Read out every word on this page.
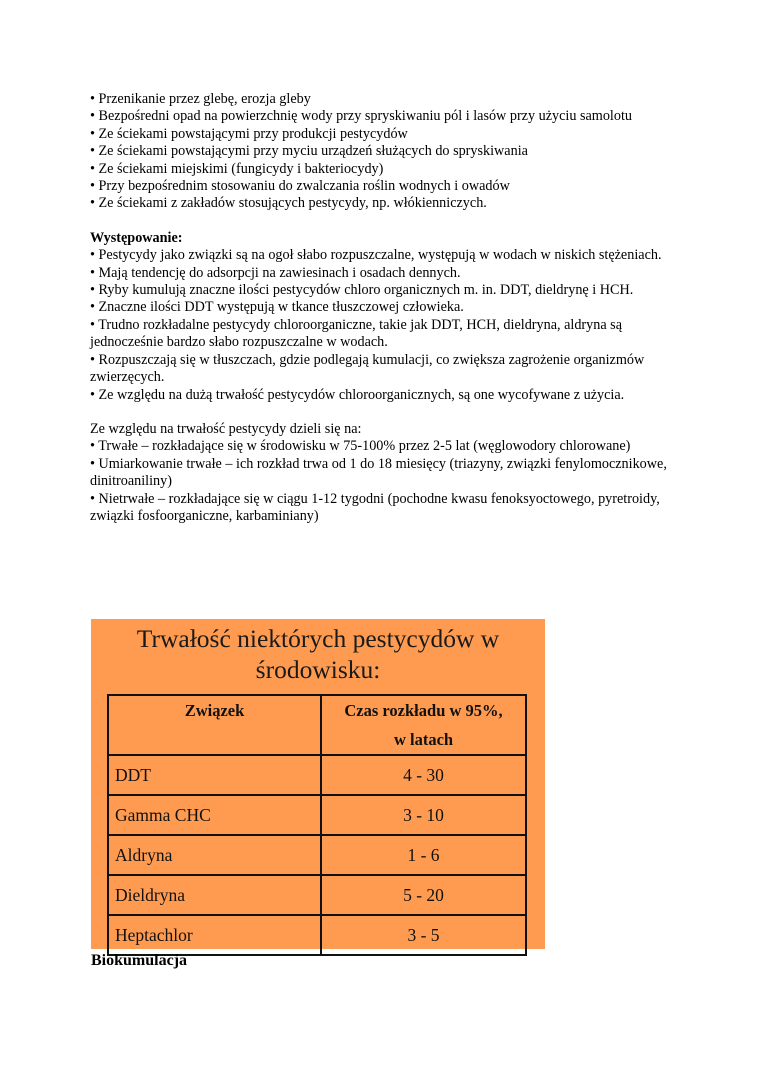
• Przenikanie przez glebę, erozja gleby

• Bezpośredni opad na powierzchnię wody przy spryskiwaniu pól i lasów przy użyciu samolotu

• Ze ściekami powstającymi przy produkcji pestycydów

• Ze ściekami powstającymi przy myciu urządzeń służących do spryskiwania

• Ze ściekami miejskimi (fungicydy i bakteriocydy)

• Przy bezpośrednim stosowaniu do zwalczania roślin wodnych i owadów

• Ze ściekami z zakładów stosujących pestycydy, np. włókienniczych.

Występowanie:

• Pestycydy jako związki są na ogoł słabo rozpuszczalne, występują w wodach w niskich stężeniach.

• Mają tendencję do adsorpcji na zawiesinach i osadach dennych.

• Ryby kumulują znaczne ilości pestycydów chloro organicznych m. in. DDT, dieldrynę i HCH.

• Znaczne ilości DDT występują w tkance tłuszczowej człowieka.

• Trudno rozkładalne pestycydy chloroorganiczne, takie jak DDT, HCH, dieldryna, aldryna są jednocześnie bardzo słabo rozpuszczalne w wodach.

• Rozpuszczają się w tłuszczach, gdzie podlegają kumulacji, co zwiększa zagrożenie organizmów zwierzęcych.

• Ze względu na dużą trwałość pestycydów chloroorganicznych, są one wycofywane z użycia.

Ze względu na trwałość pestycydy dzieli się na:

• Trwałe – rozkładające się w środowisku w 75-100% przez 2-5 lat (węglowodory chlorowane)

• Umiarkowanie trwałe – ich rozkład trwa od 1 do 18 miesięcy (triazyny, związki fenylomocznikowe, dinitroaniliny)

• Nietrwałe – rozkładające się w ciągu 1-12 tygodni (pochodne kwasu fenoksyoctowego, pyretroidy, związki fosfoorganiczne, karbaminiany)

Trwałość niektórych pestycydów w
środowisku:
Związek	Czas rozkładu w 95%,
w latach

DDT	4 - 30
Gamma CHC	3 - 10
Aldryna	1 - 6
Dieldryna	5 - 20
Heptachlor	3 - 5
Biokumulacja
